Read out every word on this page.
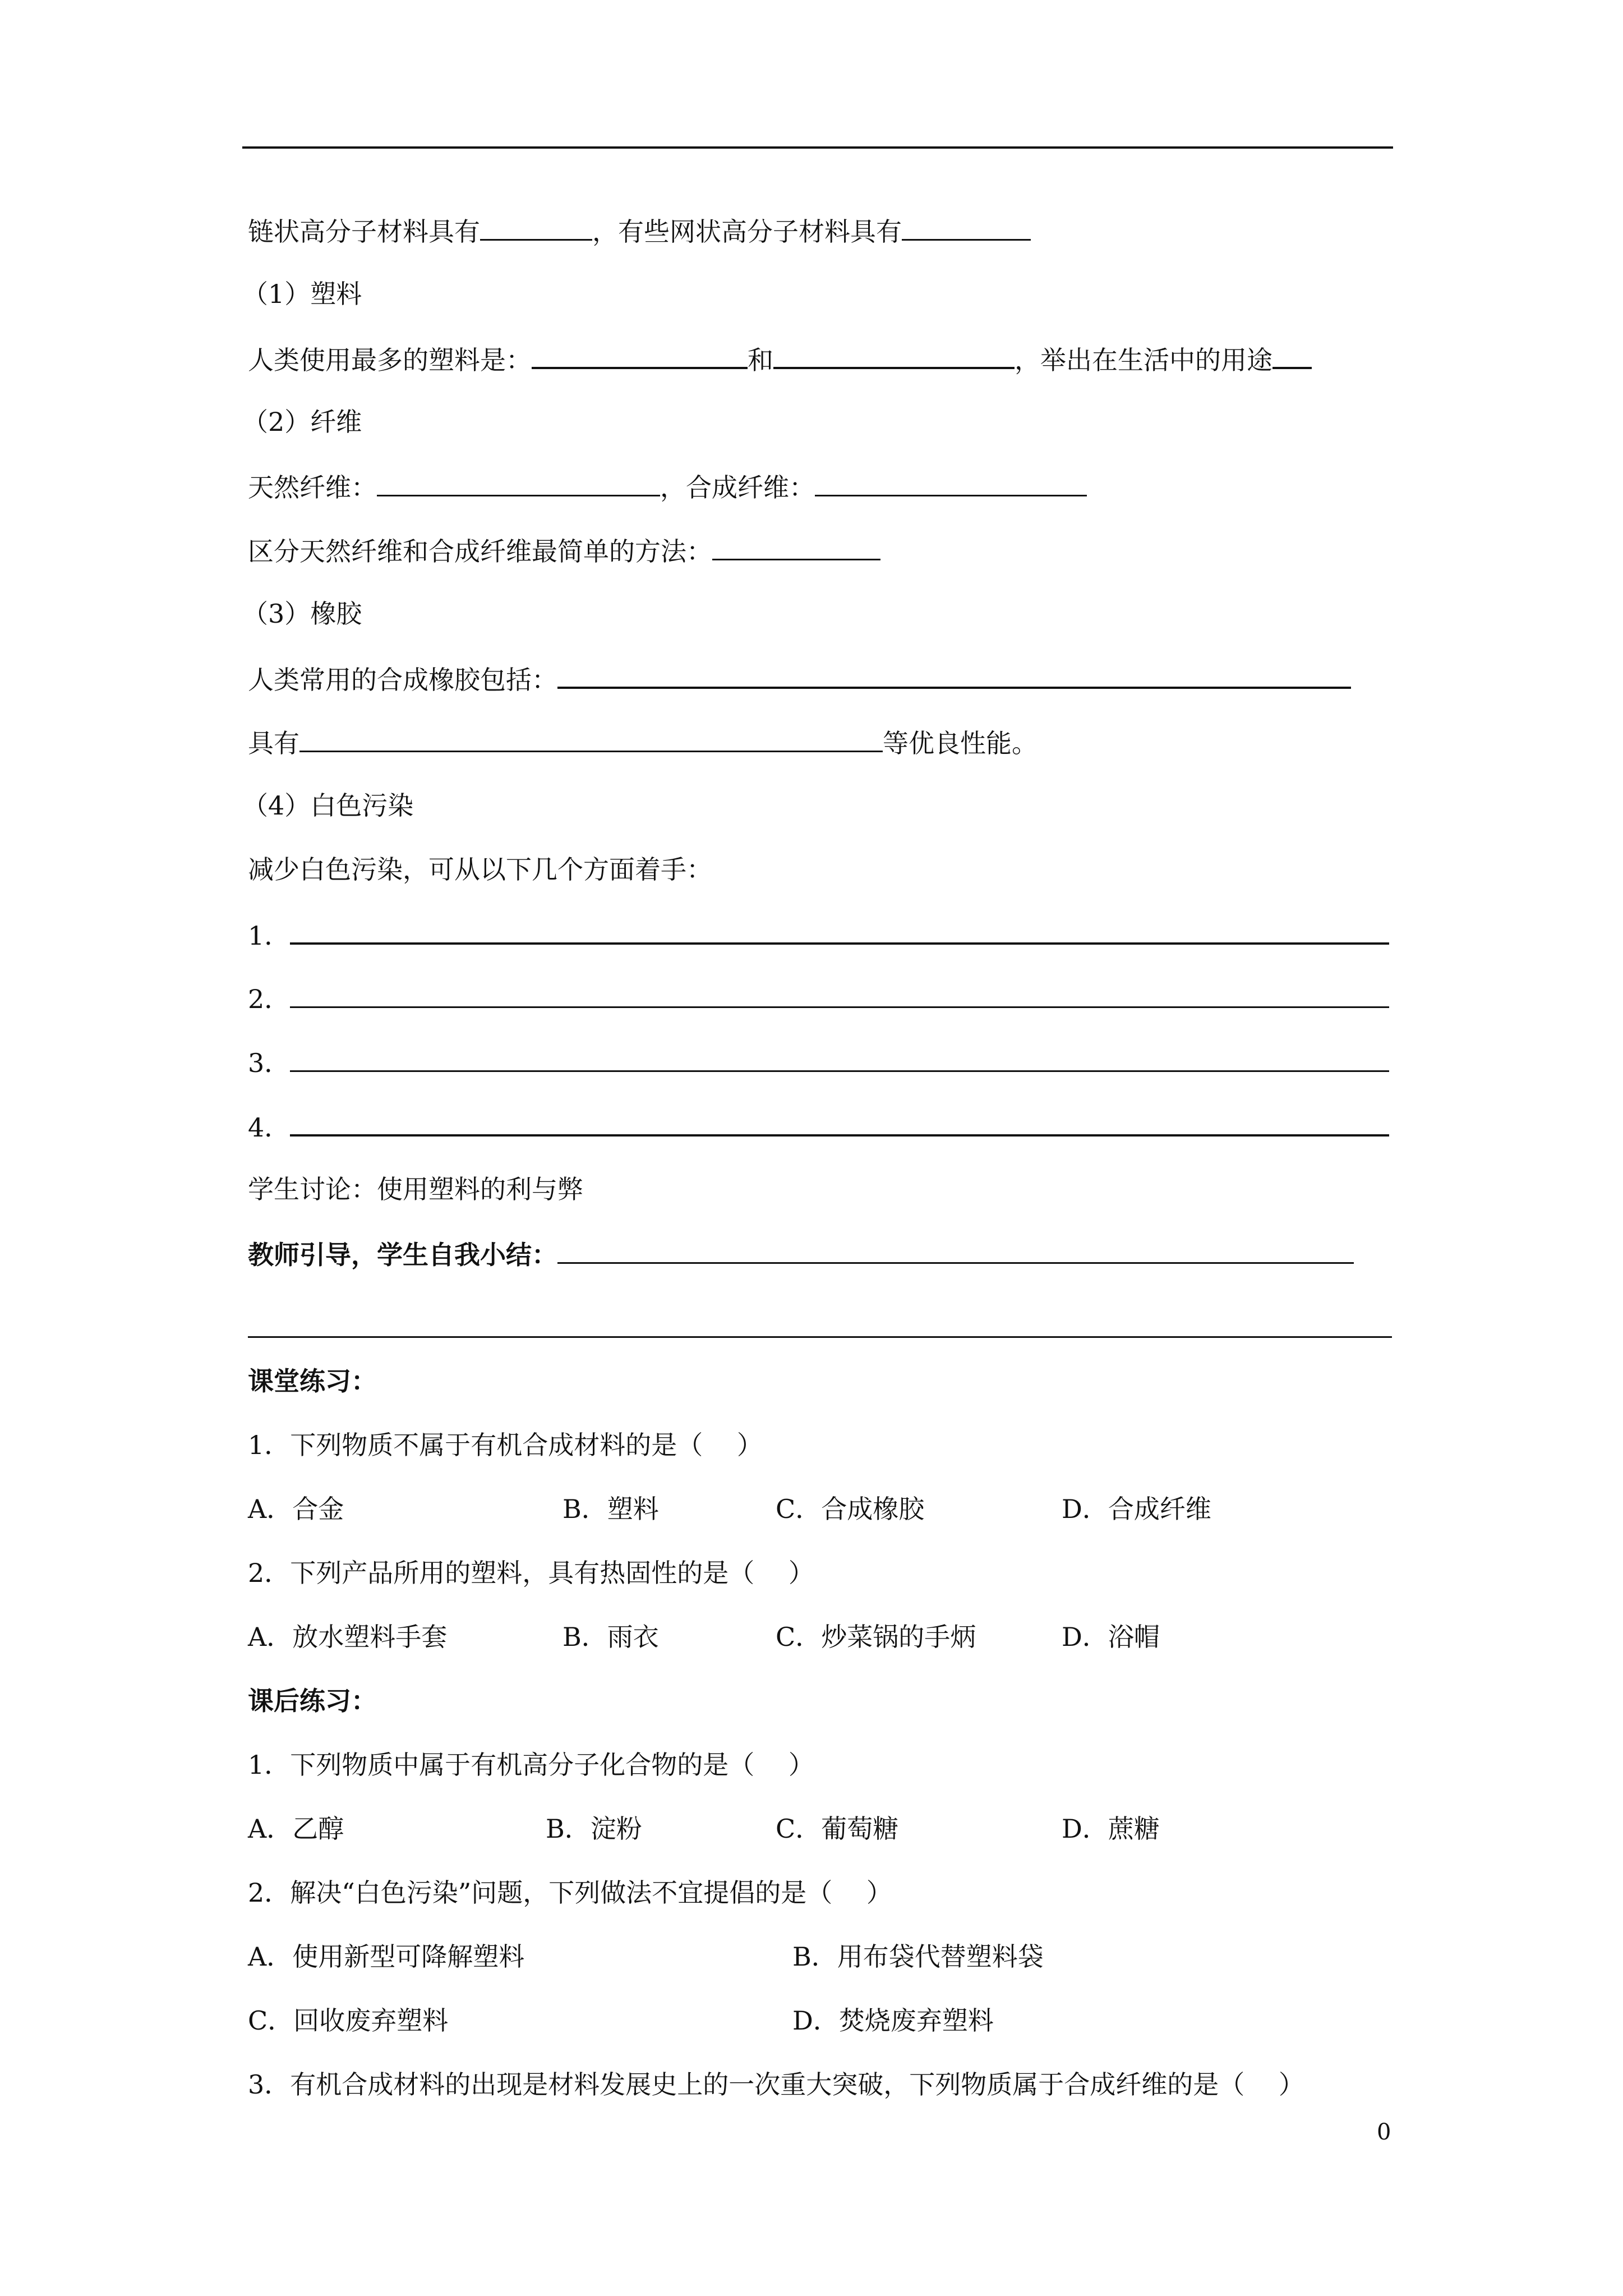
链状高分子材料具有	，有些网状高分子材料具有
（1）塑料
人类使用最多的塑料是：	和	，举出在生活中的用途
（2）纤维
天然纤维：	，合成纤维：
区分天然纤维和合成纤维最简单的方法：
（3）橡胶
人类常用的合成橡胶包括：
具有	等优良性能。
（4）白色污染
减少白色污染，可从以下几个方面着手：
1．
2．
3．
4．
学生讨论：使用塑料的利与弊
教师引导，学生自我小结：
课堂练习：
1．下列物质不属于有机合成材料的是（　 ）
A．合金	B．塑料	C．合成橡胶	D．合成纤维
2．下列产品所用的塑料，具有热固性的是（　 ）
A．放水塑料手套	B．雨衣	C．炒菜锅的手炳	D．浴帽
课后练习：
1．下列物质中属于有机高分子化合物的是（　 ）
A．乙醇	B．淀粉	C．葡萄糖	D．蔗糖
2．解决“白色污染”问题，下列做法不宜提倡的是（　 ）
A．使用新型可降解塑料	B．用布袋代替塑料袋
C．回收废弃塑料	D．焚烧废弃塑料
3．有机合成材料的出现是材料发展史上的一次重大突破，下列物质属于合成纤维的是（　 ）
0
